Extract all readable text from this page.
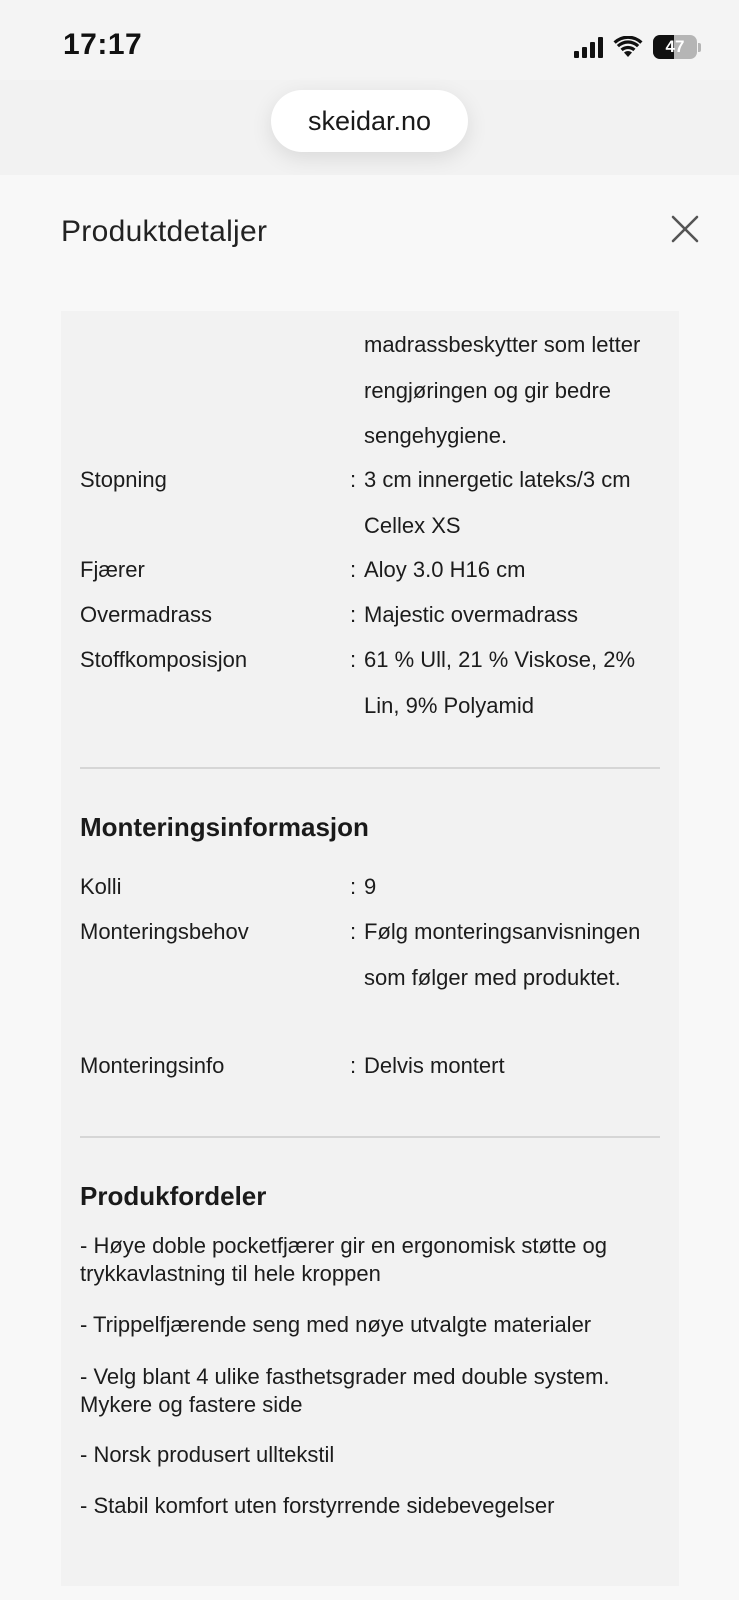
17:17	47
skeidar.no
Produktdetaljer
madrassbeskytter som letter rengjøringen og gir bedre sengehygiene.
Stopning	: 3 cm innergetic lateks/3 cm Cellex XS
Fjærer	: Aloy 3.0 H16 cm
Overmadrass	: Majestic overmadrass
Stoffkomposisjon	: 61 % Ull, 21 % Viskose, 2% Lin, 9% Polyamid
Monteringsinformasjon
Kolli	: 9
Monteringsbehov	: Følg monteringsanvisningen som følger med produktet.
Monteringsinfo	: Delvis montert
Produkfordeler
- Høye doble pocketfjærer gir en ergonomisk støtte og trykkavlastning til hele kroppen
- Trippelfjærende seng med nøye utvalgte materialer
- Velg blant 4 ulike fasthetsgrader med double system. Mykere og fastere side
- Norsk produsert ulltekstil
- Stabil komfort uten forstyrrende sidebevegelser
